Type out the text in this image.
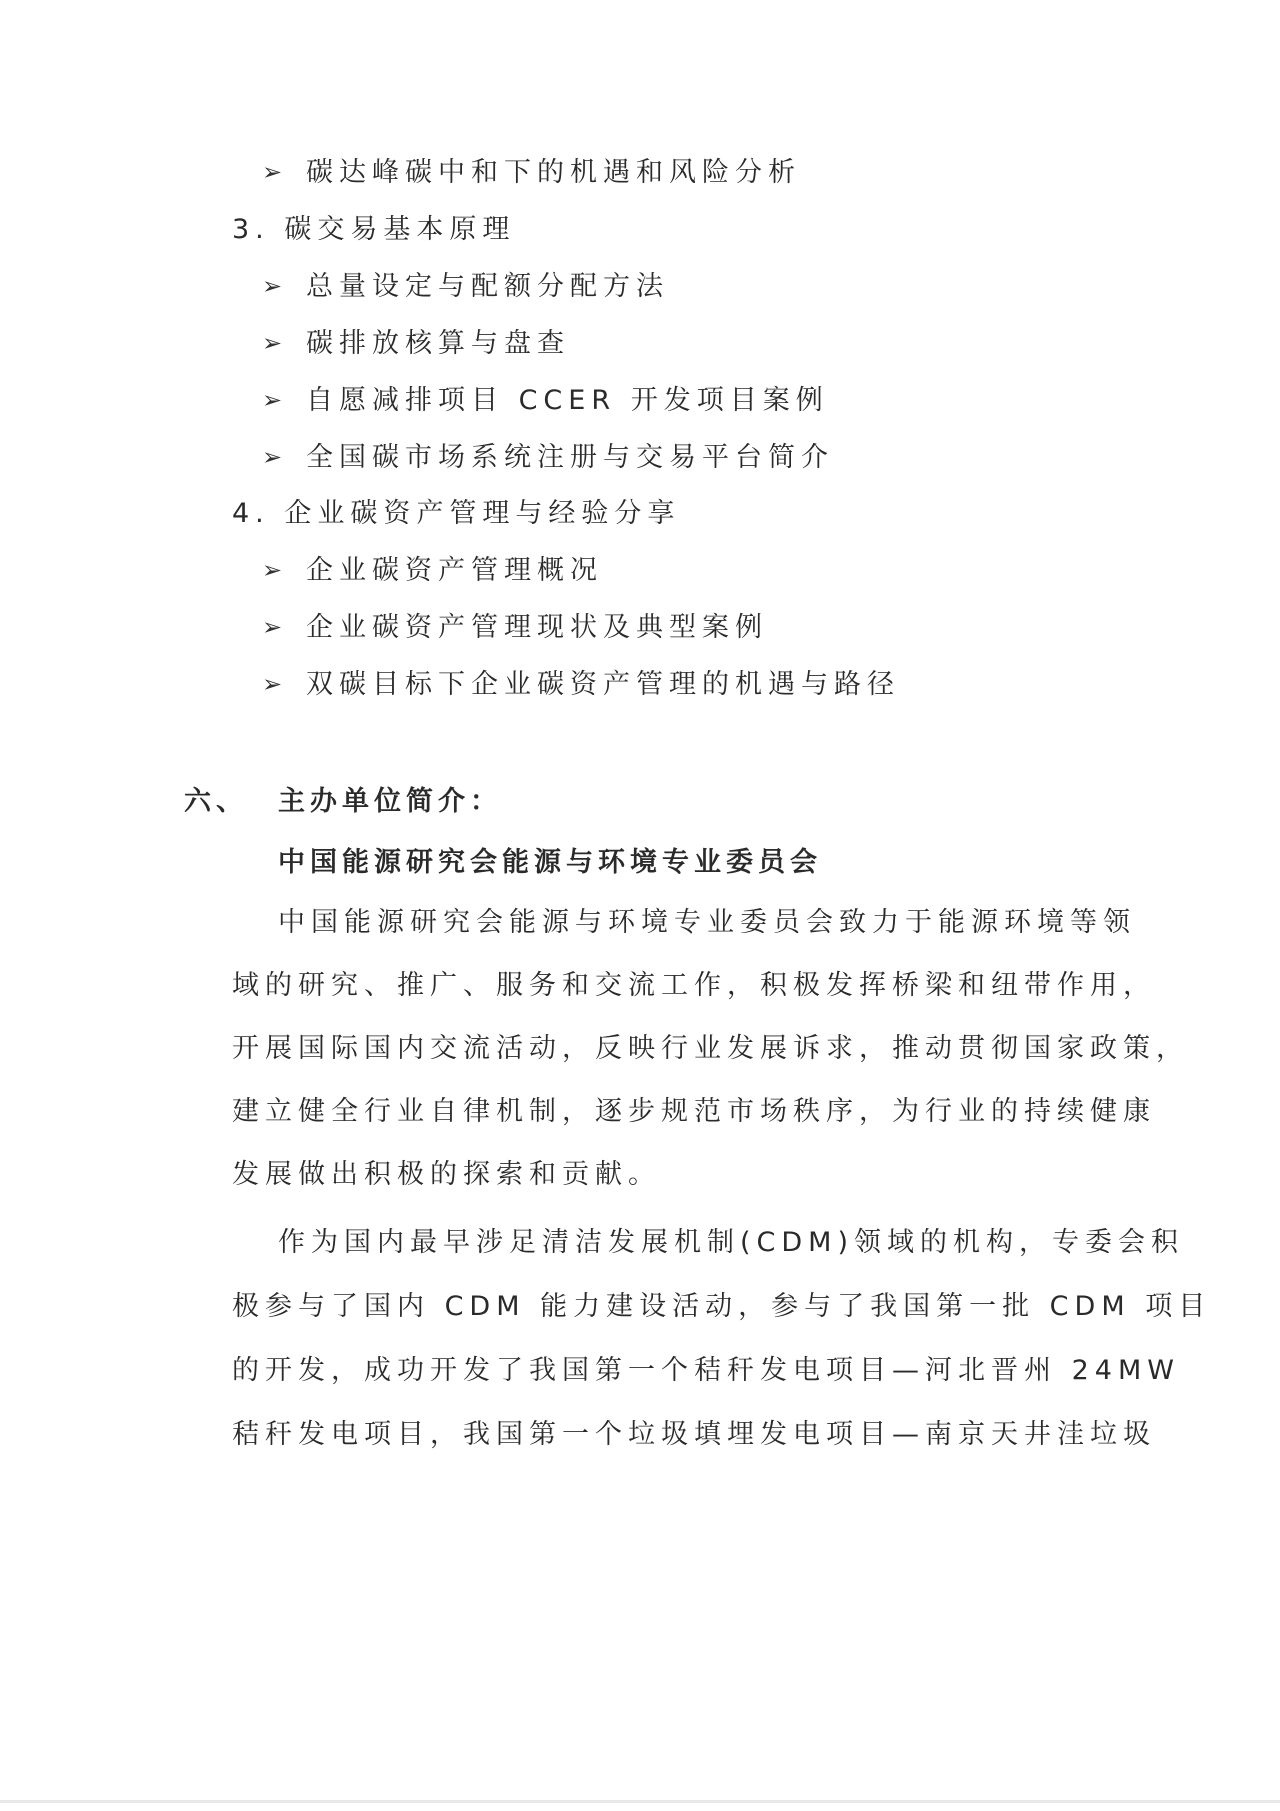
➢ 碳达峰碳中和下的机遇和风险分析
3. 碳交易基本原理
➢ 总量设定与配额分配方法
➢ 碳排放核算与盘查
➢ 自愿减排项目 CCER 开发项目案例
➢ 全国碳市场系统注册与交易平台简介
4. 企业碳资产管理与经验分享
➢ 企业碳资产管理概况
➢ 企业碳资产管理现状及典型案例
➢ 双碳目标下企业碳资产管理的机遇与路径
六、 主办单位简介：
中国能源研究会能源与环境专业委员会
中国能源研究会能源与环境专业委员会致力于能源环境等领
域的研究、推广、服务和交流工作，积极发挥桥梁和纽带作用，
开展国际国内交流活动，反映行业发展诉求，推动贯彻国家政策，
建立健全行业自律机制，逐步规范市场秩序，为行业的持续健康
发展做出积极的探索和贡献。
作为国内最早涉足清洁发展机制(CDM)领域的机构，专委会积
极参与了国内 CDM 能力建设活动，参与了我国第一批 CDM 项目
的开发，成功开发了我国第一个秸秆发电项目—河北晋州 24MW
秸秆发电项目，我国第一个垃圾填埋发电项目—南京天井洼垃圾
